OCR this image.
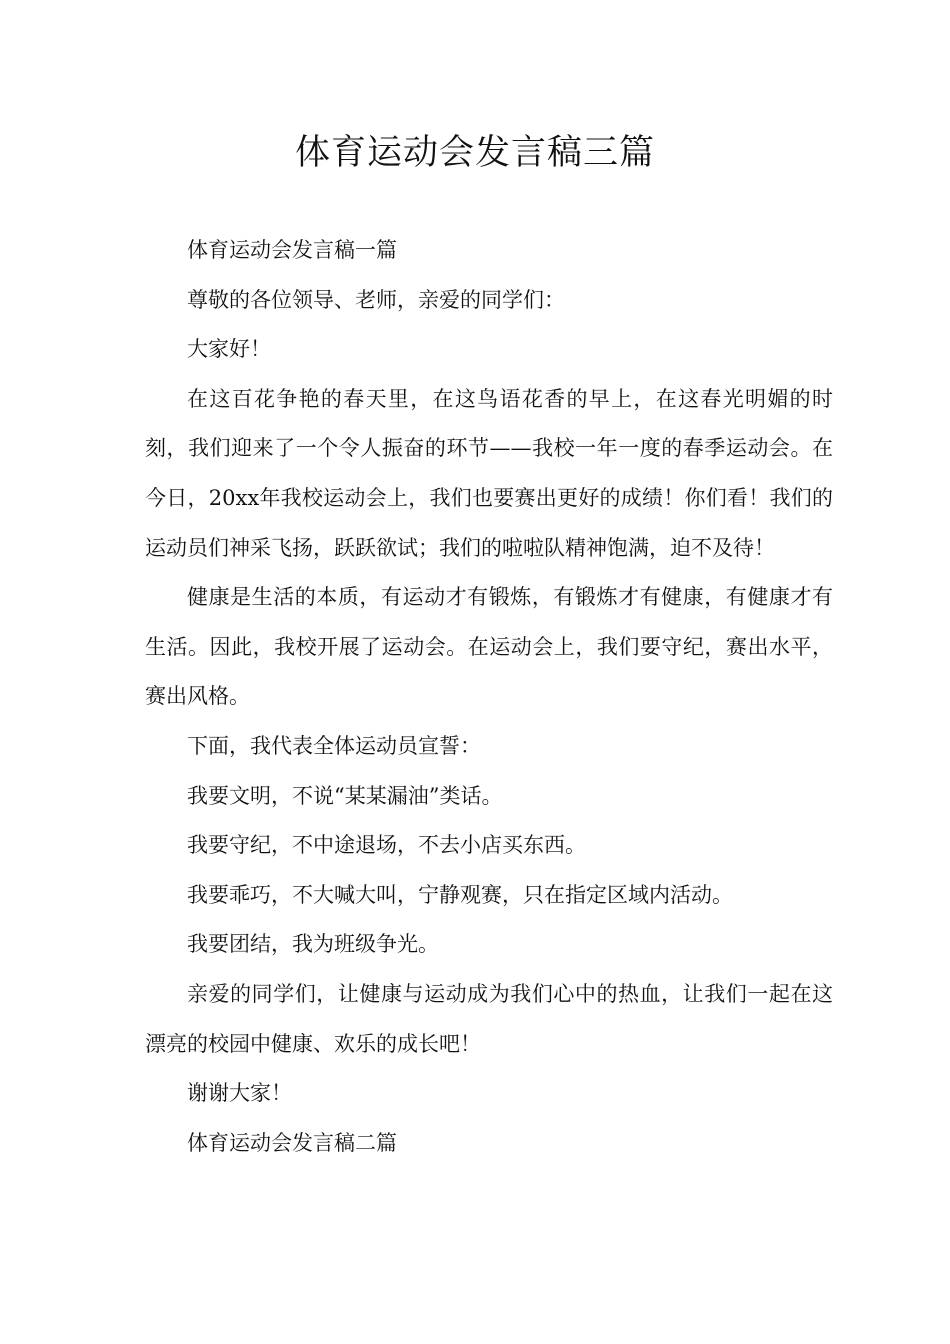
体育运动会发言稿三篇

体育运动会发言稿一篇

尊敬的各位领导、老师，亲爱的同学们：

大家好！

在这百花争艳的春天里，在这鸟语花香的早上，在这春光明媚的时刻，我们迎来了一个令人振奋的环节——我校一年一度的春季运动会。在今日，20xx年我校运动会上，我们也要赛出更好的成绩！你们看！我们的运动员们神采飞扬，跃跃欲试；我们的啦啦队精神饱满，迫不及待！

健康是生活的本质，有运动才有锻炼，有锻炼才有健康，有健康才有生活。因此，我校开展了运动会。在运动会上，我们要守纪，赛出水平，赛出风格。

下面，我代表全体运动员宣誓：

我要文明，不说“某某漏油”类话。

我要守纪，不中途退场，不去小店买东西。

我要乖巧，不大喊大叫，宁静观赛，只在指定区域内活动。

我要团结，我为班级争光。

亲爱的同学们，让健康与运动成为我们心中的热血，让我们一起在这漂亮的校园中健康、欢乐的成长吧！

谢谢大家！

体育运动会发言稿二篇
